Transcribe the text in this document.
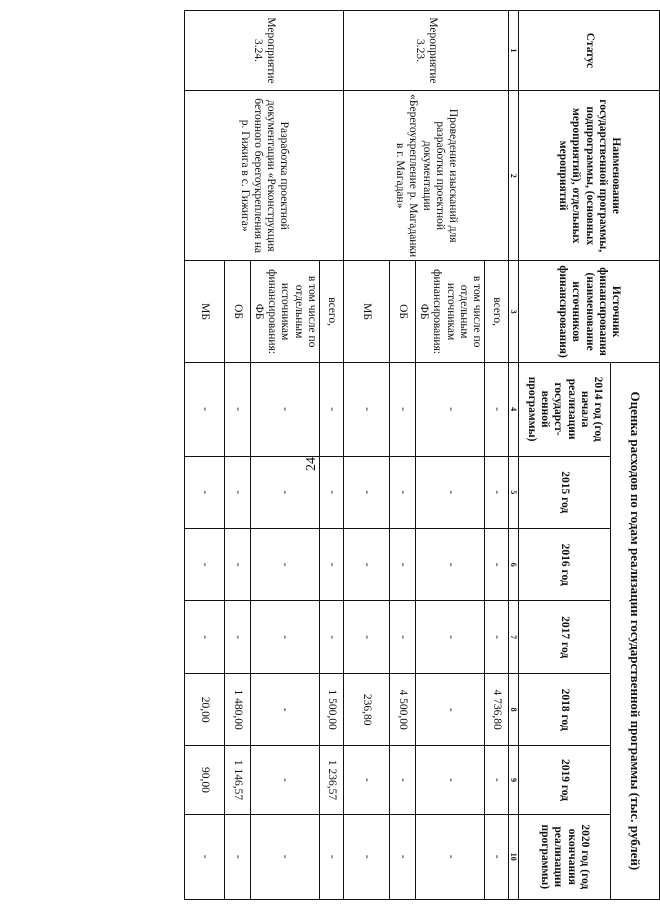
24
Статус	Наименование государственной программы, подпрограммы, (основных мероприятий), отдельных мероприятий	Источник финансирования (наименование источников финансирования)	Оценка расходов по годам реализации государственной программы (тыс. рублей)						
			2014 год (год начала реализации государст-венной программы)	2015 год	2016 год	2017 год	2018 год	2019 год	2020 год (год окончания реализации программы)
1	2	3	4	5	6	7	8	9	10
Мероприятие 3.23.	Проведение изысканий для разработки проектной документации «Берегоукрепление р. Магаданки в г. Магадан»	всего,	-	-	-	-	4 736,80	-	-
		в том числе по отдельным источникам финансирования: ФБ	-	-	-	-	-	-	-
		ОБ	-	-	-	-	4 500,00	-	-
		МБ	-	-	-	-	236,80	-	-
Мероприятие 3.24.	Разработка проектной документации «Реконструкция бетонного берегоукрепления на р. Гижига в с. Гижига»	всего,	-	-	-	-	1 500,00	1 236,57	-
		в том числе по отдельным источникам финансирования: ФБ	-	-	-	-	-	-	-
		ОБ	-	-	-	-	1 480,00	1 146,57	-
		МБ	-	-	-	-	20,00	90,00	-
